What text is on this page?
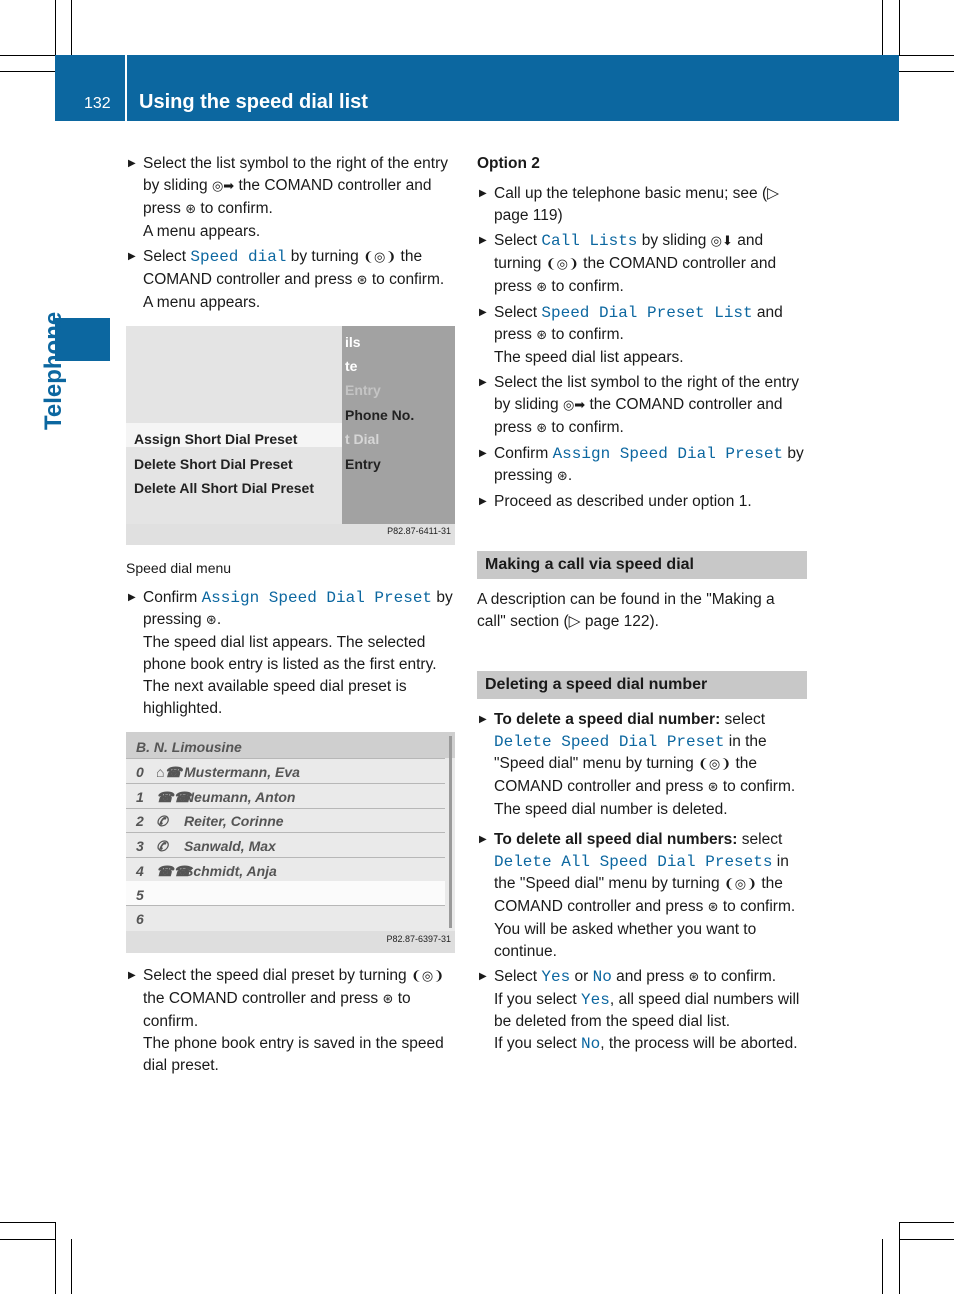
132 Using the speed dial list
Telephone
▶ Select the list symbol to the right of the entry by sliding ◎➡ the COMAND controller and press ⊛ to confirm.
A menu appears.
▶ Select Speed dial by turning ❨◎❩ the COMAND controller and press ⊛ to confirm.
A menu appears.
ils
te
Entry
Phone No.
t Dial
Entry
Assign Short Dial Preset
Delete Short Dial Preset
Delete All Short Dial Preset
P82.87-6411-31
Speed dial menu
▶ Confirm Assign Speed Dial Preset by pressing ⊛.
The speed dial list appears. The selected phone book entry is listed as the first entry. The next available speed dial preset is highlighted.
B. N. Limousine
0 ⌂☎ Mustermann, Eva
1 ☎☎Neumann, Anton
2 ✆ Reiter, Corinne
3 ✆ Sanwald, Max
4 ☎☎Schmidt, Anja
5
6
P82.87-6397-31
▶ Select the speed dial preset by turning ❨◎❩ the COMAND controller and press ⊛ to confirm.
The phone book entry is saved in the speed dial preset.
Option 2
▶ Call up the telephone basic menu; see (▷ page 119)
▶ Select Call Lists by sliding ◎⬇ and turning ❨◎❩ the COMAND controller and press ⊛ to confirm.
▶ Select Speed Dial Preset List and press ⊛ to confirm.
The speed dial list appears.
▶ Select the list symbol to the right of the entry by sliding ◎➡ the COMAND controller and press ⊛ to confirm.
▶ Confirm Assign Speed Dial Preset by pressing ⊛.
▶ Proceed as described under option 1.
Making a call via speed dial
A description can be found in the "Making a call" section (▷ page 122).
Deleting a speed dial number
▶ To delete a speed dial number: select Delete Speed Dial Preset in the "Speed dial" menu by turning ❨◎❩ the COMAND controller and press ⊛ to confirm.
The speed dial number is deleted.
▶ To delete all speed dial numbers: select Delete All Speed Dial Presets in the "Speed dial" menu by turning ❨◎❩ the COMAND controller and press ⊛ to confirm.
You will be asked whether you want to continue.
▶ Select Yes or No and press ⊛ to confirm.
If you select Yes, all speed dial numbers will be deleted from the speed dial list.
If you select No, the process will be aborted.
